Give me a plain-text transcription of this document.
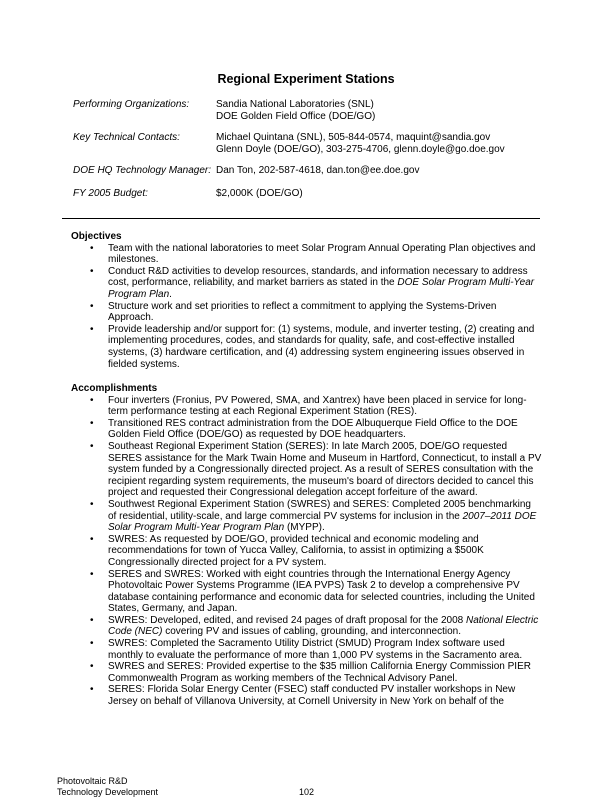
Regional Experiment Stations
Performing Organizations:	Sandia National Laboratories (SNL)
DOE Golden Field Office (DOE/GO)
Key Technical Contacts:	Michael Quintana (SNL), 505-844-0574, maquint@sandia.gov
Glenn Doyle (DOE/GO), 303-275-4706, glenn.doyle@go.doe.gov
DOE HQ Technology Manager: Dan Ton, 202-587-4618, dan.ton@ee.doe.gov
FY 2005 Budget:	$2,000K (DOE/GO)
Objectives
• Team with the national laboratories to meet Solar Program Annual Operating Plan objectives and milestones.
• Conduct R&D activities to develop resources, standards, and information necessary to address cost, performance, reliability, and market barriers as stated in the DOE Solar Program Multi-Year Program Plan.
• Structure work and set priorities to reflect a commitment to applying the Systems-Driven Approach.
• Provide leadership and/or support for: (1) systems, module, and inverter testing, (2) creating and implementing procedures, codes, and standards for quality, safe, and cost-effective installed systems, (3) hardware certification, and (4) addressing system engineering issues observed in fielded systems.
Accomplishments
• Four inverters (Fronius, PV Powered, SMA, and Xantrex) have been placed in service for long-term performance testing at each Regional Experiment Station (RES).
• Transitioned RES contract administration from the DOE Albuquerque Field Office to the DOE Golden Field Office (DOE/GO) as requested by DOE headquarters.
• Southeast Regional Experiment Station (SERES): In late March 2005, DOE/GO requested SERES assistance for the Mark Twain Home and Museum in Hartford, Connecticut, to install a PV system funded by a Congressionally directed project. As a result of SERES consultation with the recipient regarding system requirements, the museum's board of directors decided to cancel this project and requested their Congressional delegation accept forfeiture of the award.
• Southwest Regional Experiment Station (SWRES) and SERES: Completed 2005 benchmarking of residential, utility-scale, and large commercial PV systems for inclusion in the 2007–2011 DOE Solar Program Multi-Year Program Plan (MYPP).
• SWRES: As requested by DOE/GO, provided technical and economic modeling and recommendations for town of Yucca Valley, California, to assist in optimizing a $500K Congressionally directed project for a PV system.
• SERES and SWRES: Worked with eight countries through the International Energy Agency Photovoltaic Power Systems Programme (IEA PVPS) Task 2 to develop a comprehensive PV database containing performance and economic data for selected countries, including the United States, Germany, and Japan.
• SWRES: Developed, edited, and revised 24 pages of draft proposal for the 2008 National Electric Code (NEC) covering PV and issues of cabling, grounding, and interconnection.
• SWRES: Completed the Sacramento Utility District (SMUD) Program Index software used monthly to evaluate the performance of more than 1,000 PV systems in the Sacramento area.
• SWRES and SERES: Provided expertise to the $35 million California Energy Commission PIER Commonwealth Program as working members of the Technical Advisory Panel.
• SERES: Florida Solar Energy Center (FSEC) staff conducted PV installer workshops in New Jersey on behalf of Villanova University, at Cornell University in New York on behalf of the
Photovoltaic R&D
Technology Development	102
